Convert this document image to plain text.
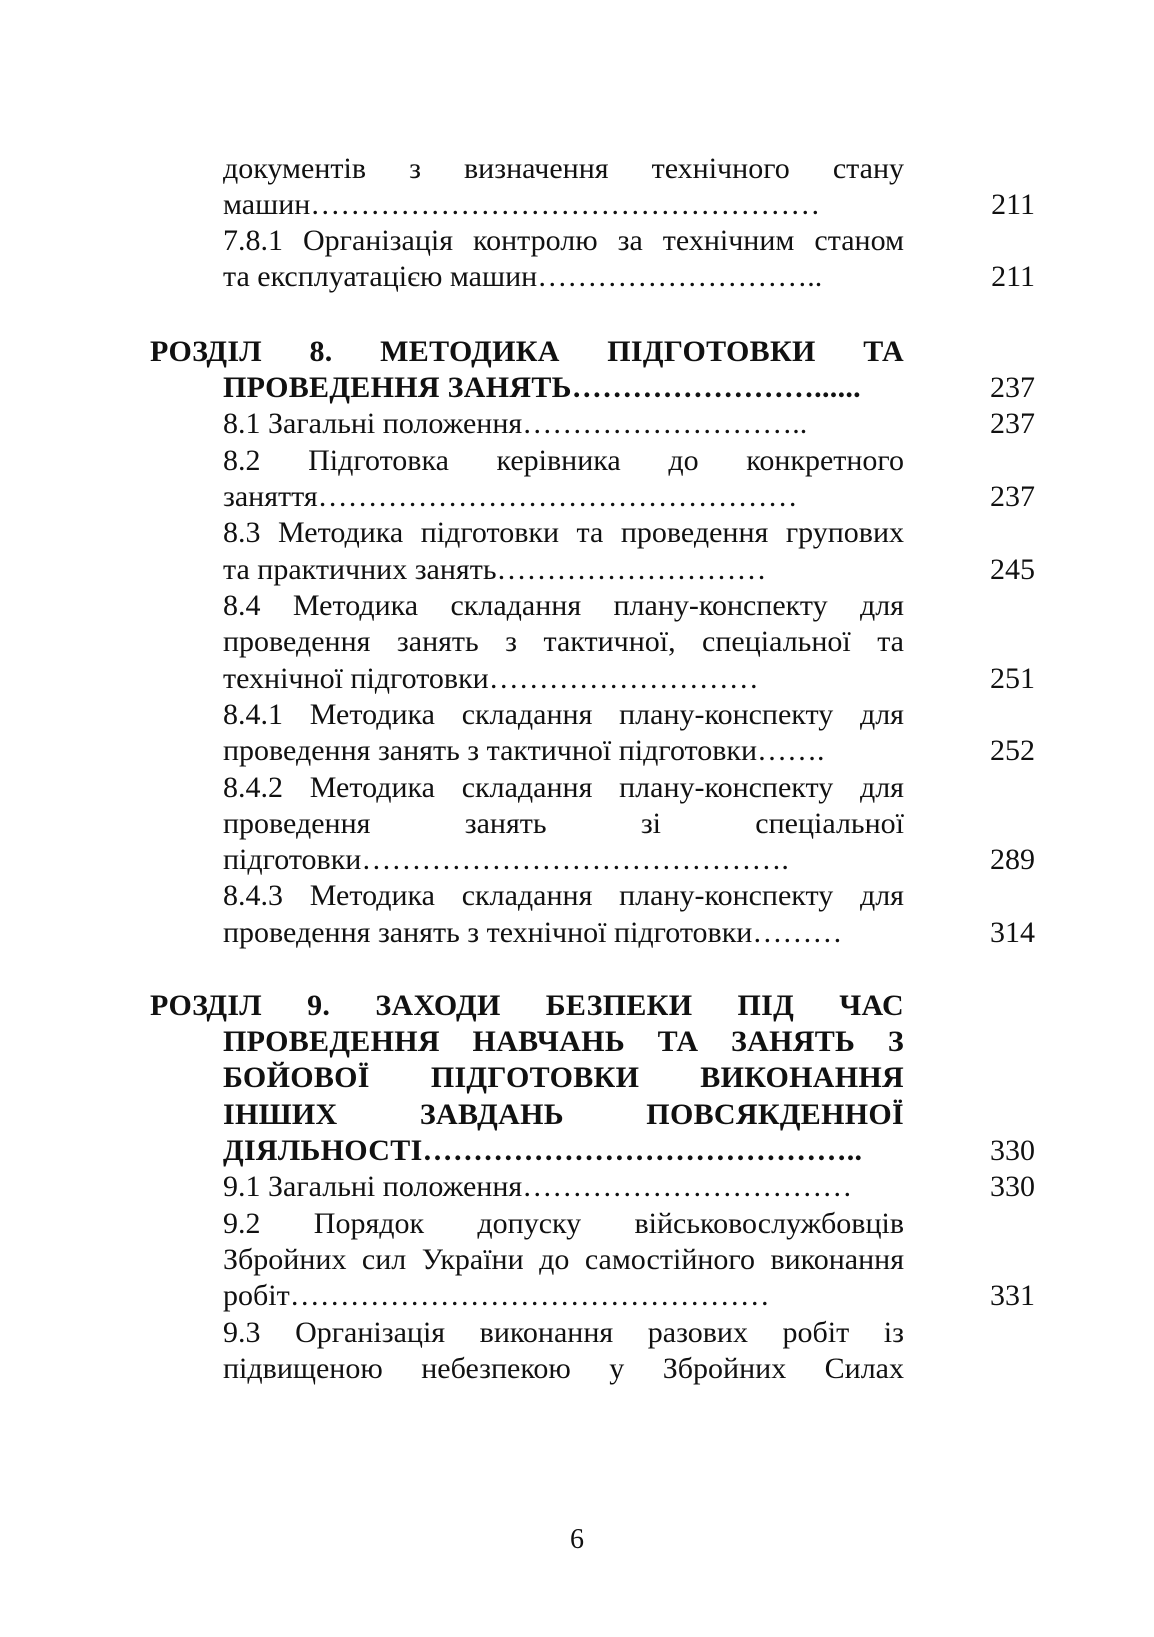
документів з визначення технічного стану
машин……………………………………………	211
7.8.1 Організація контролю за технічним станом
та експлуатацією машин………………………..	211
РОЗДІЛ 8. МЕТОДИКА ПІДГОТОВКИ ТА
ПРОВЕДЕННЯ ЗАНЯТЬ……………………......	237
8.1 Загальні положення………………………..	237
8.2 Підготовка керівника до конкретного
заняття…………………………………………	237
8.3 Методика підготовки та проведення групових
та практичних занять………………………	245
8.4 Методика складання плану-конспекту для
проведення занять з тактичної, спеціальної та
технічної підготовки………………………	251
8.4.1 Методика складання плану-конспекту для
проведення занять з тактичної підготовки…….	252
8.4.2 Методика складання плану-конспекту для
проведення занять зі спеціальної
підготовки…………………………………….	289
8.4.3 Методика складання плану-конспекту для
проведення занять з технічної підготовки………	314
РОЗДІЛ 9. ЗАХОДИ БЕЗПЕКИ ПІД ЧАС
ПРОВЕДЕННЯ НАВЧАНЬ ТА ЗАНЯТЬ З
БОЙОВОЇ ПІДГОТОВКИ ВИКОНАННЯ
ІНШИХ ЗАВДАНЬ ПОВСЯКДЕННОЇ
ДІЯЛЬНОСТІ……………………………………..	330
9.1 Загальні положення……………………………	330
9.2 Порядок допуску військовослужбовців
Збройних сил України до самостійного виконання
робіт…………………………………………	331
9.3 Організація виконання разових робіт із
підвищеною небезпекою у Збройних Силах
6
